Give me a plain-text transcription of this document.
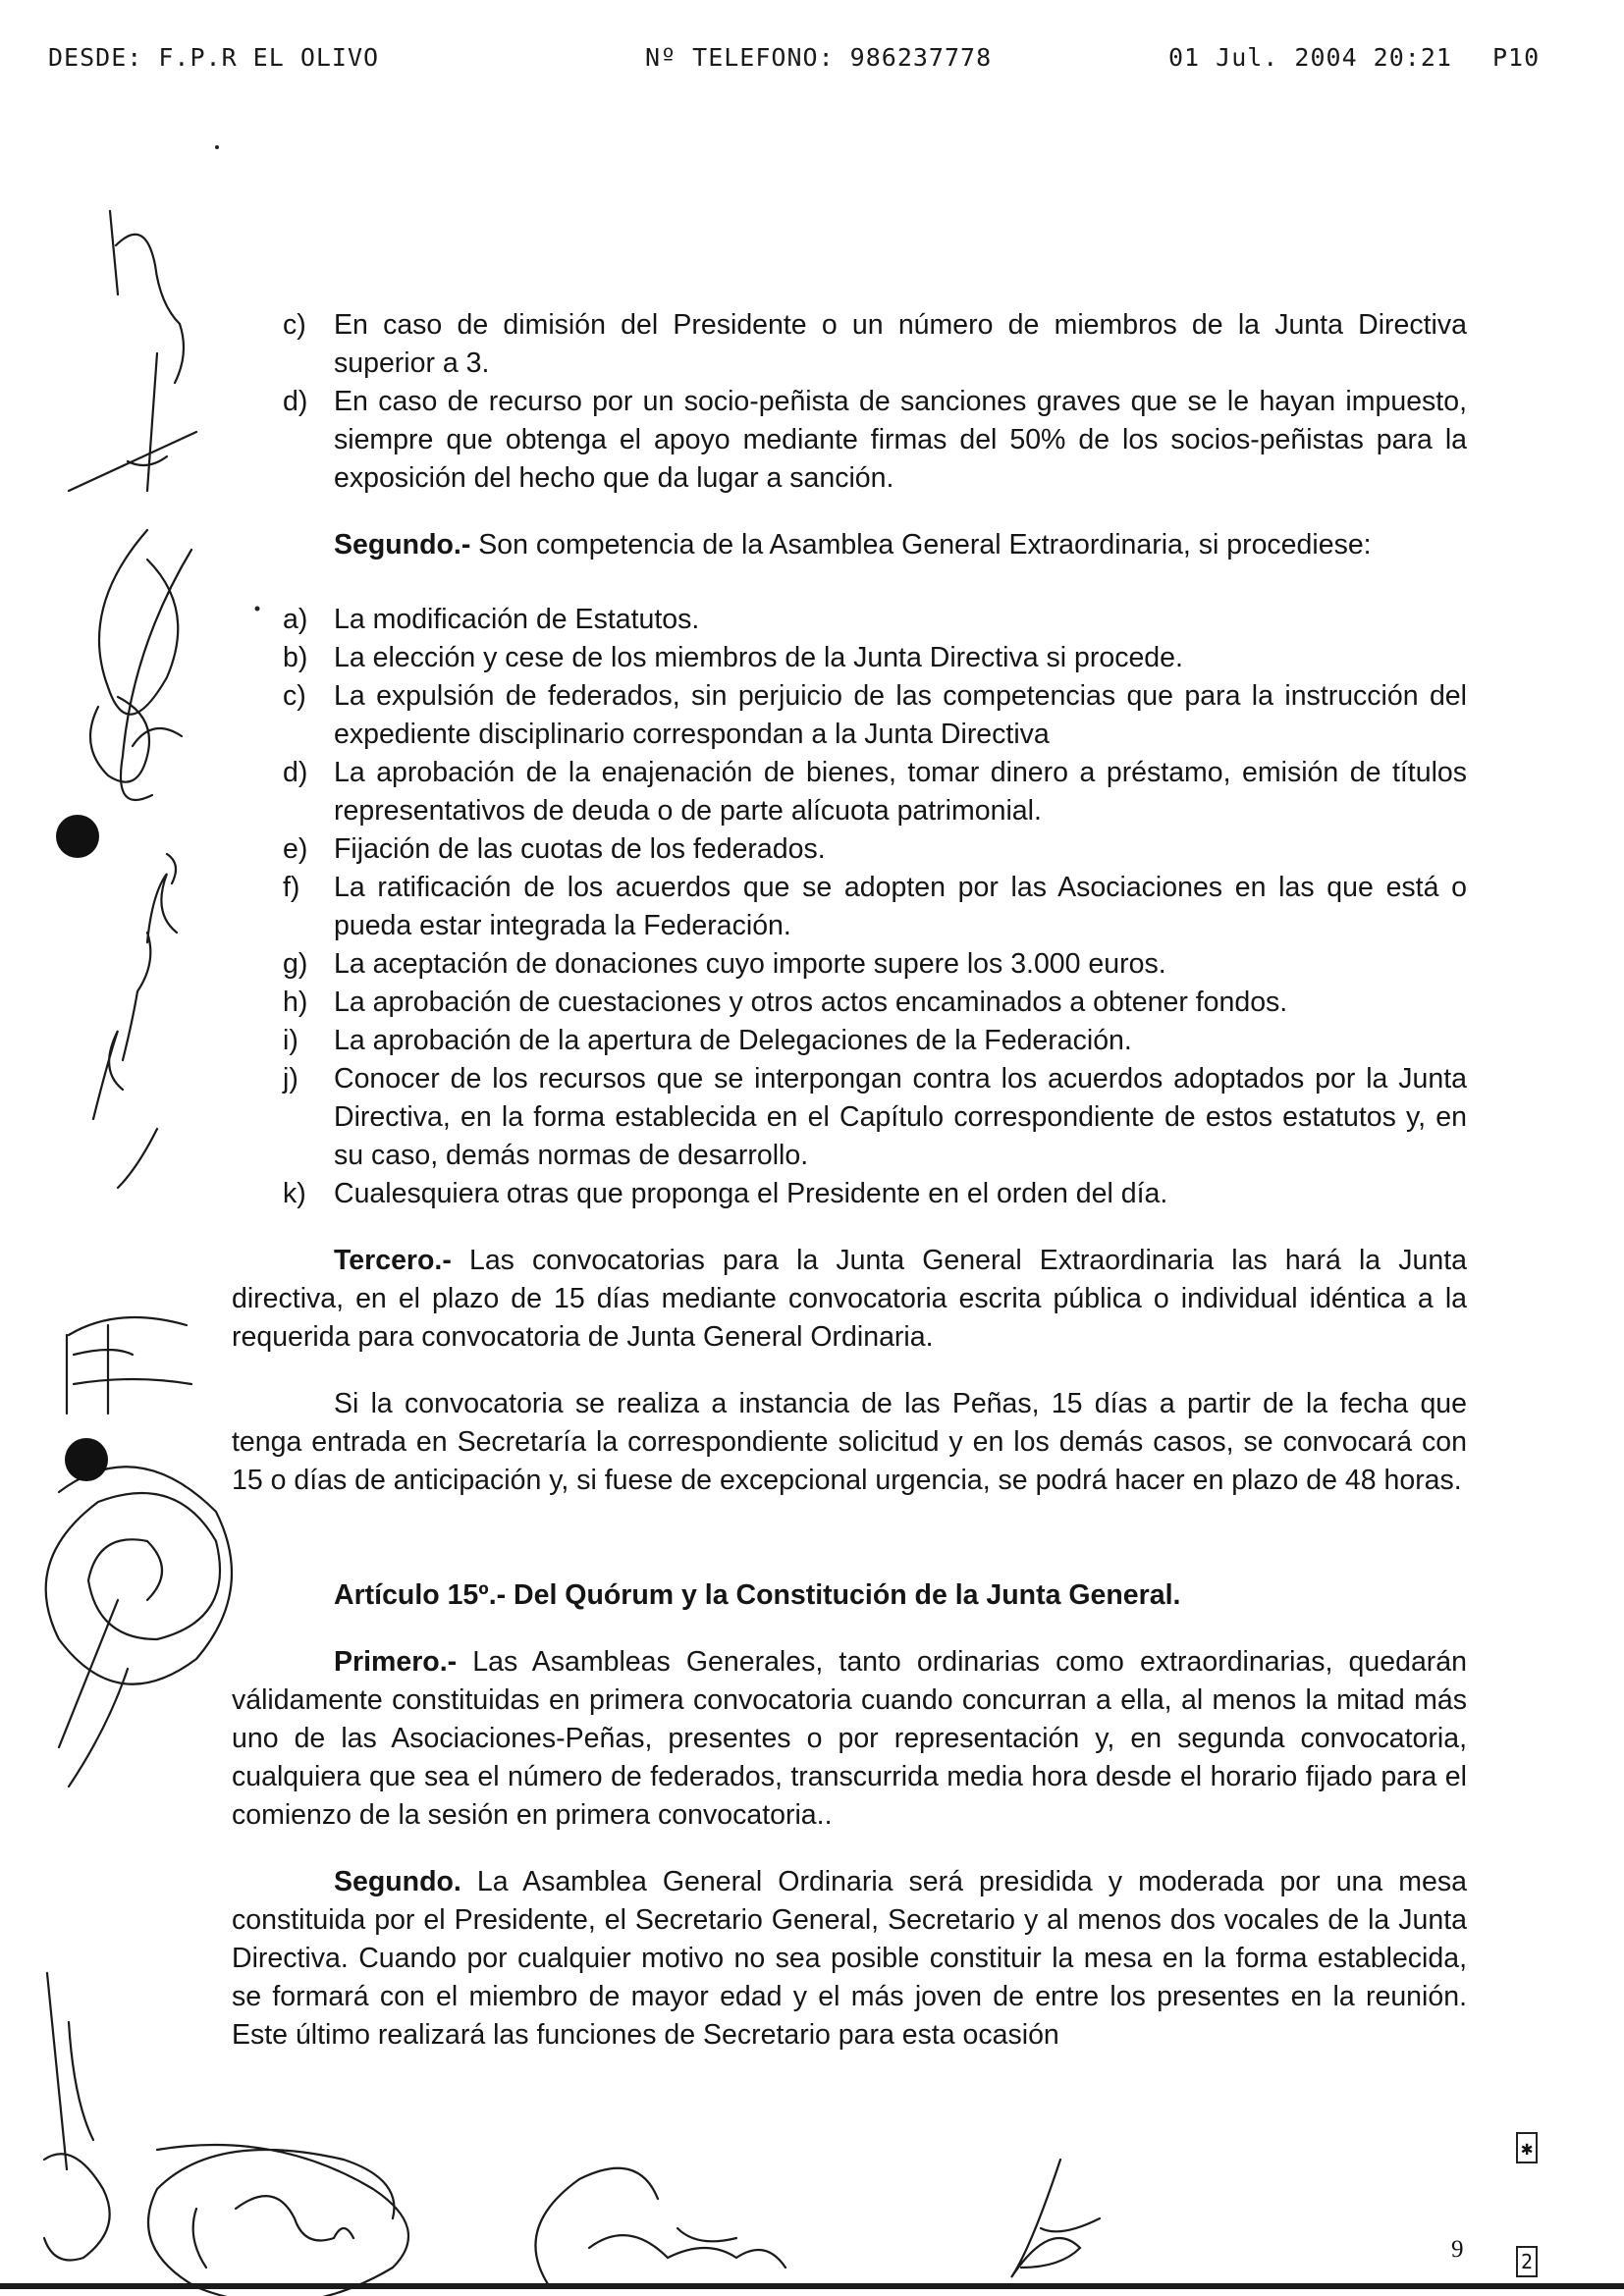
DESDE: F.P.R EL OLIVO	Nº TELEFONO: 986237778	01 Jul. 2004 20:21 P10
c) En caso de dimisión del Presidente o un número de miembros de la Junta Directiva superior a 3.
d) En caso de recurso por un socio-peñista de sanciones graves que se le hayan impuesto, siempre que obtenga el apoyo mediante firmas del 50% de los socios-peñistas para la exposición del hecho que da lugar a sanción.

Segundo.- Son competencia de la Asamblea General Extraordinaria, si procediese:

a) La modificación de Estatutos.
b) La elección y cese de los miembros de la Junta Directiva si procede.
c) La expulsión de federados, sin perjuicio de las competencias que para la instrucción del expediente disciplinario correspondan a la Junta Directiva
d) La aprobación de la enajenación de bienes, tomar dinero a préstamo, emisión de títulos representativos de deuda o de parte alícuota patrimonial.
e) Fijación de las cuotas de los federados.
f)	La ratificación de los acuerdos que se adopten por las Asociaciones en las que está o pueda estar integrada la Federación.
g) La aceptación de donaciones cuyo importe supere los 3.000 euros.
h) La aprobación de cuestaciones y otros actos encaminados a obtener fondos.
i)	La aprobación de la apertura de Delegaciones de la Federación.
j)	Conocer de los recursos que se interpongan contra los acuerdos adoptados por la Junta Directiva, en la forma establecida en el Capítulo correspondiente de estos estatutos y, en su caso, demás normas de desarrollo.
k) Cualesquiera otras que proponga el Presidente en el orden del día.

Tercero.- Las convocatorias para la Junta General Extraordinaria las hará la Junta directiva, en el plazo de 15 días mediante convocatoria escrita pública o individual idéntica a la requerida para convocatoria de Junta General Ordinaria.

Si la convocatoria se realiza a instancia de las Peñas, 15 días a partir de la fecha que tenga entrada en Secretaría la correspondiente solicitud y en los demás casos, se convocará con 15 o días de anticipación y, si fuese de excepcional urgencia, se podrá hacer en plazo de 48 horas.

Artículo 15º.- Del Quórum y la Constitución de la Junta General.

Primero.- Las Asambleas Generales, tanto ordinarias como extraordinarias, quedarán válidamente constituidas en primera convocatoria cuando concurran a ella, al menos la mitad más uno de las Asociaciones-Peñas, presentes o por representación y, en segunda convocatoria, cualquiera que sea el número de federados, transcurrida media hora desde el horario fijado para el comienzo de la sesión en primera convocatoria..

Segundo. La Asamblea General Ordinaria será presidida y moderada por una mesa constituida por el Presidente, el Secretario General, Secretario y al menos dos vocales de la Junta Directiva. Cuando por cualquier motivo no sea posible constituir la mesa en la forma establecida, se formará con el miembro de mayor edad y el más joven de entre los presentes en la reunión. Este último realizará las funciones de Secretario para esta ocasión

9
✱
2
